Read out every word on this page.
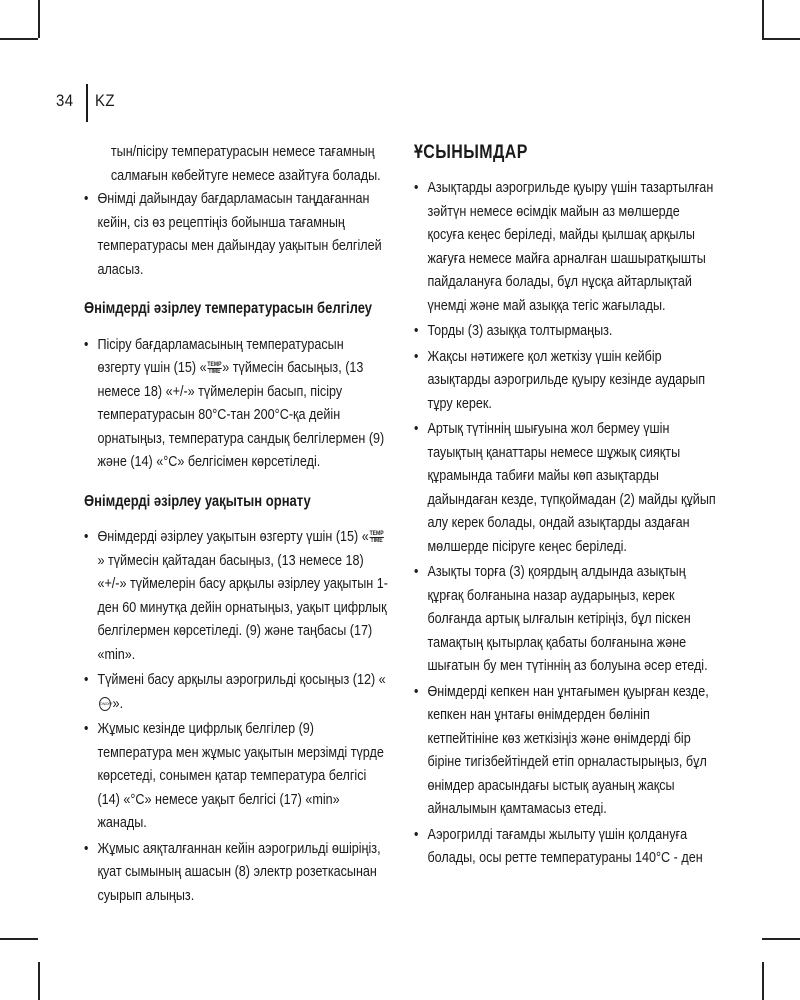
34 KZ
тын/пісіру температурасын немесе тағамның
салмағын көбейтуге немесе азайтуға болады.
• Өнімді дайындау бағдарламасын таңдағаннан кейін, сіз өз рецептіңіз бойынша тағамның температурасы мен дайындау уақытын белгілей аласыз.
Өнімдерді әзірлеу температурасын белгілеу
• Пісіру бағдарламасының температурасын өзгерту үшін (15) « TEMP
TIME » түймесін басыңыз, (13 немесе 18) «+/-» түймелерін басып, пісіру температурасын 80°C-тан 200°C-қа дейін орнатыңыз, температура сандық белгілермен (9) және (14) «°C» белгісімен көрсетіледі.
Өнімдерді әзірлеу уақытын орнату
• Өнімдерді әзірлеу уақытын өзгерту үшін (15) « TEMP
TIME
» түймесін қайтадан басыңыз, (13 немесе 18) «+/-» түймелерін басу арқылы әзірлеу уақытын 1-ден 60 минутқа дейін орнатыңыз, уақыт цифрлық белгілермен көрсетіледі. (9) және таңбасы (17) «min».
• Түймені басу арқылы аэрогрильді қосыңыз (12) «ON/OFF».
• Жұмыс кезінде цифрлық белгілер (9) температура мен жұмыс уақытын мерзімді түрде көрсетеді, сонымен қатар температура белгісі (14) «°C» немесе уақыт белгісі (17) «min» жанады.
• Жұмыс аяқталғаннан кейін аэрогрильді өшіріңіз, қуат сымының ашасын (8) электр розеткасынан суырып алыңыз.
ҰСЫНЫМДАР
• Азықтарды аэрогрильде қуыру үшін тазартылған зәйтүн немесе өсімдік майын аз мөлшерде қосуға кеңес беріледі, майды қылшақ арқылы жағуға немесе майға арналған шашыратқышты пайдалануға болады, бұл нұсқа айтарлықтай үнемді және май азыққа тегіс жағылады.
• Торды (3) азыққа толтырмаңыз.
• Жақсы нәтижеге қол жеткізу үшін кейбір азықтарды аэрогрильде қуыру кезінде аударып тұру керек.
• Артық түтіннің шығуына жол бермеу үшін тауықтың қанаттары немесе шұжық сияқты құрамында табиғи майы көп азықтарды дайындаған кезде, түпқоймадан (2) майды құйып алу керек болады, ондай азықтарды аздаған мөлшерде пісіруге кеңес беріледі.
• Азықты торға (3) қоярдың алдында азықтың құрғақ болғанына назар аударыңыз, керек болғанда артық ылғалын кетіріңіз, бұл піскен тамақтың қытырлақ қабаты болғанына және шығатын бу мен түтіннің аз болуына әсер етеді.
• Өнімдерді кепкен нан ұнтағымен қуырған кезде, кепкен нан ұнтағы өнімдерден бөлініп кетпейтініне көз жеткізіңіз және өнімдерді бір біріне тигізбейтіндей етіп орналастырыңыз, бұл өнімдер арасындағы ыстық ауаның жақсы айналымын қамтамасыз етеді.
• Аэрогрилді тағамды жылыту үшін қолдануға болады, осы ретте температураны 140°C - ден
